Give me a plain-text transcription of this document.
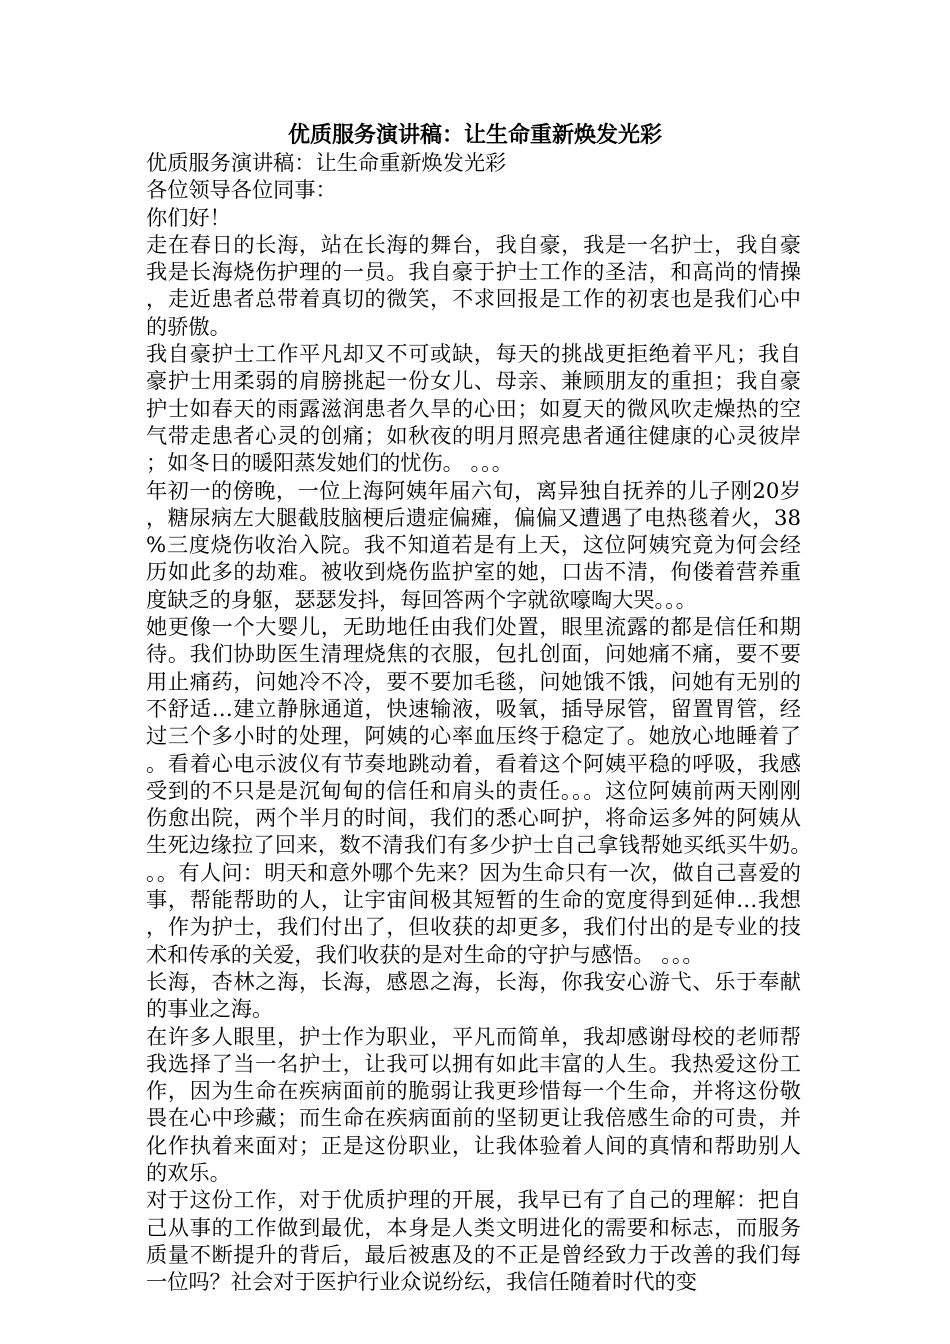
优质服务演讲稿：让生命重新焕发光彩

优质服务演讲稿：让生命重新焕发光彩

各位领导各位同事：

你们好！

走在春日的长海，站在长海的舞台，我自豪，我是一名护士，我自豪我是长海烧伤护理的一员。我自豪于护士工作的圣洁，和高尚的情操，走近患者总带着真切的微笑，不求回报是工作的初衷也是我们心中的骄傲。

我自豪护士工作平凡却又不可或缺，每天的挑战更拒绝着平凡；我自豪护士用柔弱的肩膀挑起一份女儿、母亲、兼顾朋友的重担；我自豪护士如春天的雨露滋润患者久旱的心田；如夏天的微风吹走燥热的空气带走患者心灵的创痛；如秋夜的明月照亮患者通往健康的心灵彼岸；如冬日的暖阳蒸发她们的忧伤。 。。。

年初一的傍晚，一位上海阿姨年届六旬，离异独自抚养的儿子刚20岁，糖尿病左大腿截肢脑梗后遗症偏瘫，偏偏又遭遇了电热毯着火，38%三度烧伤收治入院。我不知道若是有上天，这位阿姨究竟为何会经历如此多的劫难。被收到烧伤监护室的她，口齿不清，佝偻着营养重度缺乏的身躯，瑟瑟发抖，每回答两个字就欲嚎啕大哭。。。

她更像一个大婴儿，无助地任由我们处置，眼里流露的都是信任和期待。我们协助医生清理烧焦的衣服，包扎创面，问她痛不痛，要不要用止痛药，问她冷不冷，要不要加毛毯，问她饿不饿，问她有无别的不舒适…建立静脉通道，快速输液，吸氧，插导尿管，留置胃管，经过三个多小时的处理，阿姨的心率血压终于稳定了。她放心地睡着了。看着心电示波仪有节奏地跳动着，看着这个阿姨平稳的呼吸，我感受到的不只是是沉甸甸的信任和肩头的责任。。。这位阿姨前两天刚刚伤愈出院，两个半月的时间，我们的悉心呵护，将命运多舛的阿姨从生死边缘拉了回来，数不清我们有多少护士自己拿钱帮她买纸买牛奶。。。有人问：明天和意外哪个先来？因为生命只有一次，做自己喜爱的事，帮能帮助的人，让宇宙间极其短暂的生命的宽度得到延伸…我想，作为护士，我们付出了，但收获的却更多，我们付出的是专业的技术和传承的关爱，我们收获的是对生命的守护与感悟。 。。。

长海，杏林之海，长海，感恩之海，长海，你我安心游弋、乐于奉献的事业之海。

在许多人眼里，护士作为职业，平凡而简单，我却感谢母校的老师帮我选择了当一名护士，让我可以拥有如此丰富的人生。我热爱这份工作，因为生命在疾病面前的脆弱让我更珍惜每一个生命，并将这份敬畏在心中珍藏；而生命在疾病面前的坚韧更让我倍感生命的可贵，并化作执着来面对；正是这份职业，让我体验着人间的真情和帮助别人的欢乐。

对于这份工作，对于优质护理的开展，我早已有了自己的理解：把自己从事的工作做到最优，本身是人类文明进化的需要和标志，而服务质量不断提升的背后，最后被惠及的不正是曾经致力于改善的我们每一位吗？社会对于医护行业众说纷纭，我信任随着时代的变
